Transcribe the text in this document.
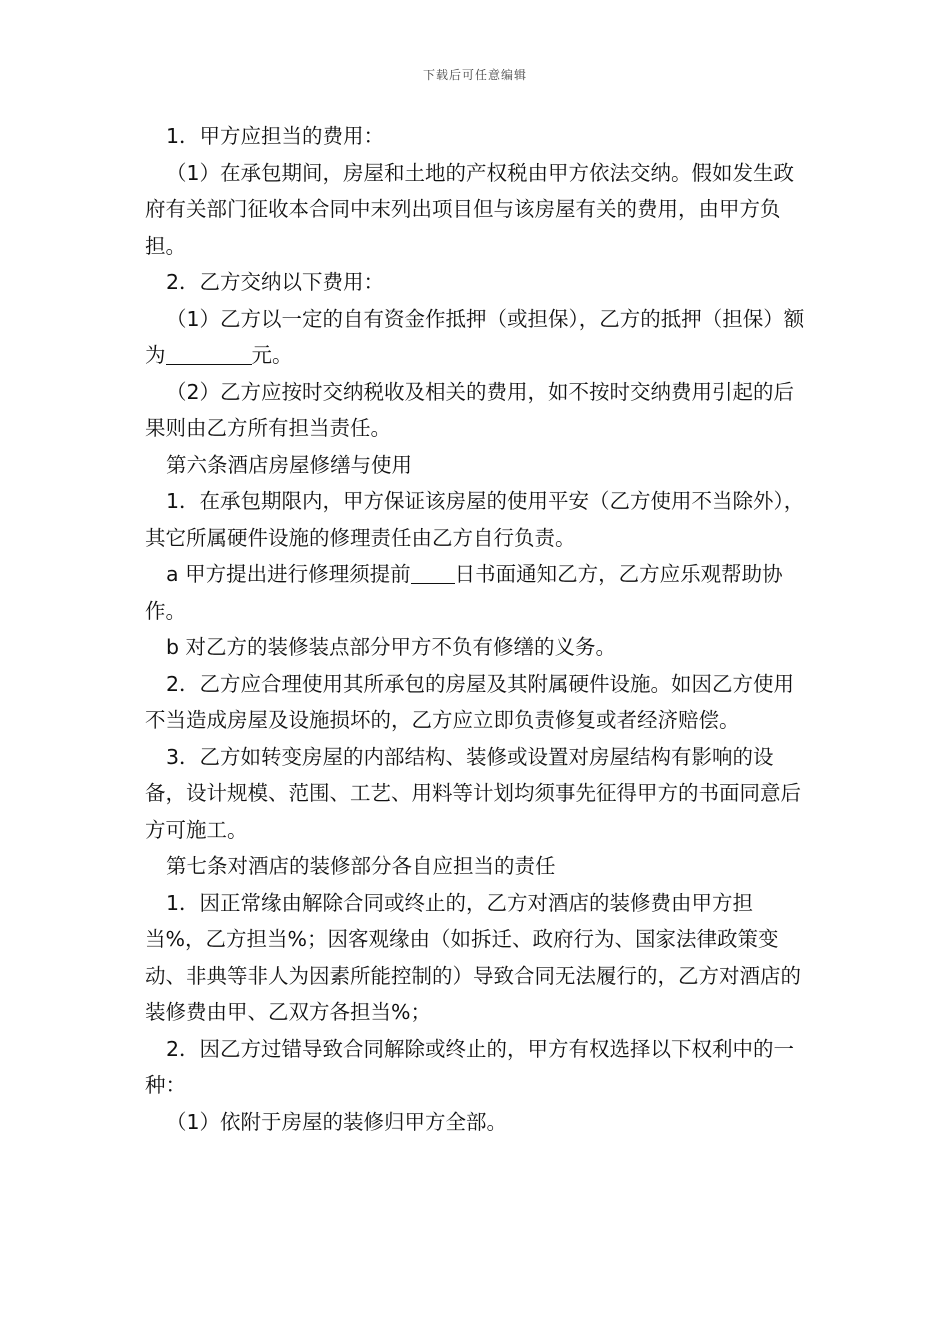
下载后可任意编辑

1．甲方应担当的费用：

（1）在承包期间，房屋和土地的产权税由甲方依法交纳。假如发生政府有关部门征收本合同中末列出项目但与该房屋有关的费用，由甲方负担。

2．乙方交纳以下费用：

（1）乙方以一定的自有资金作抵押（或担保），乙方的抵押（担保）额为	元。

（2）乙方应按时交纳税收及相关的费用，如不按时交纳费用引起的后果则由乙方所有担当责任。

第六条酒店房屋修缮与使用

1．在承包期限内，甲方保证该房屋的使用平安（乙方使用不当除外），其它所属硬件设施的修理责任由乙方自行负责。

a 甲方提出进行修理须提前 日书面通知乙方，乙方应乐观帮助协作。

b 对乙方的装修装点部分甲方不负有修缮的义务。

2．乙方应合理使用其所承包的房屋及其附属硬件设施。如因乙方使用不当造成房屋及设施损坏的，乙方应立即负责修复或者经济赔偿。

3．乙方如转变房屋的内部结构、装修或设置对房屋结构有影响的设备，设计规模、范围、工艺、用料等计划均须事先征得甲方的书面同意后方可施工。

第七条对酒店的装修部分各自应担当的责任

1．因正常缘由解除合同或终止的，乙方对酒店的装修费由甲方担当%，乙方担当%；因客观缘由（如拆迁、政府行为、国家法律政策变动、非典等非人为因素所能控制的）导致合同无法履行的，乙方对酒店的装修费由甲、乙双方各担当%；

2．因乙方过错导致合同解除或终止的，甲方有权选择以下权利中的一种：

（1）依附于房屋的装修归甲方全部。
